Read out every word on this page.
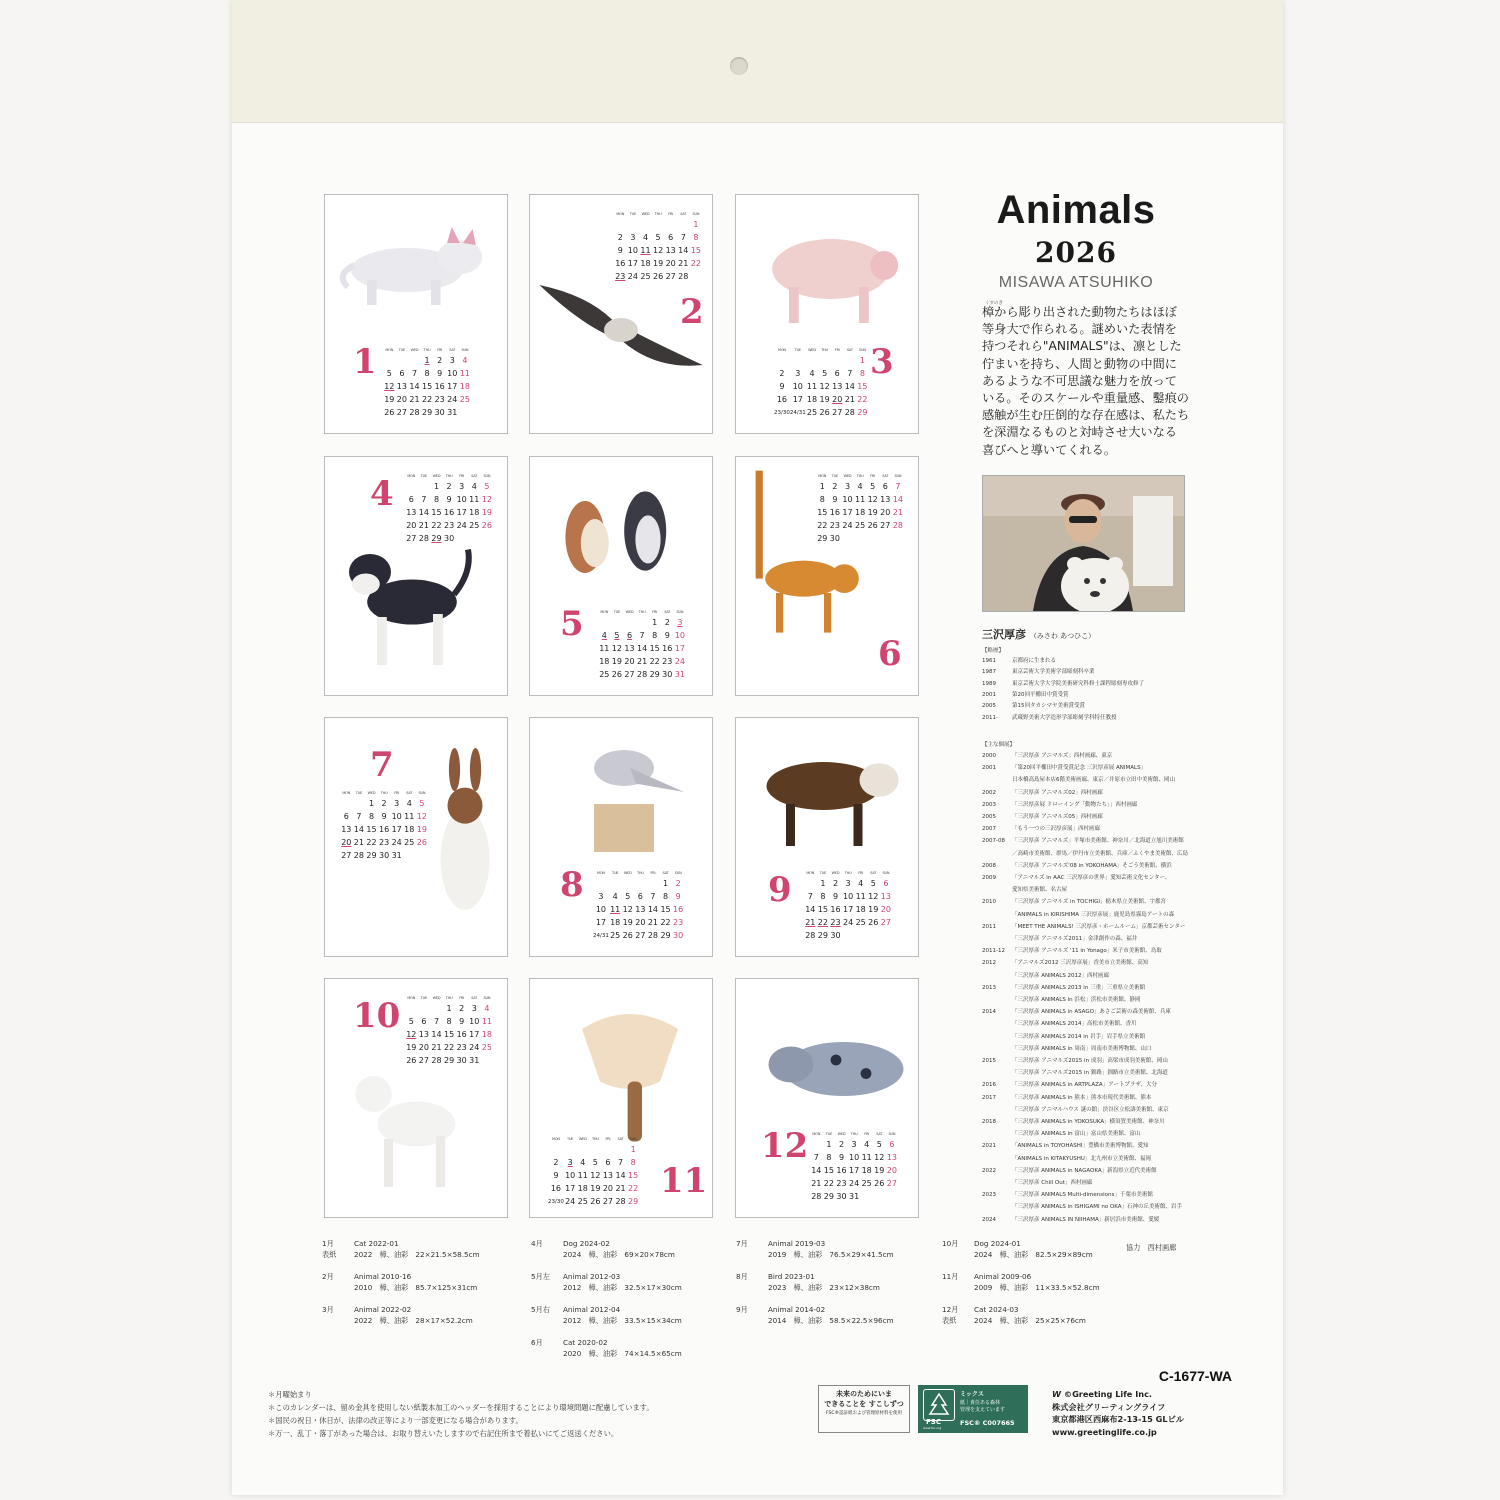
1 MON	TUE	WED	THU	FRI	SAT	SUN
			1	2	3	4
5	6	7	8	9	10	11
12	13	14	15	16	17	18
19	20	21	22	23	24	25
26	27	28	29	30	31	
2
MON	TUE	WED	THU	FRI	SAT	SUN
						1
2	3	4	5	6	7	8
9	10	11	12	13	14	15
16	17	18	19	20	21	22
23	24	25	26	27	28	
3
MON	TUE	WED	THU	FRI	SAT	SUN
						1
2	3	4	5	6	7	8
9	10	11	12	13	14	15
16	17	18	19	20	21	22
23/30	24/31	25	26	27	28	29
4	MON	TUE	WED	THU	FRI	SAT	SUN
		1	2	3	4	5
6	7	8	9	10	11	12
13	14	15	16	17	18	19
20	21	22	23	24	25	26
27	28	29	30			
5	MON	TUE	WED	THU	FRI	SAT	SUN
				1	2	3
4	5	6	7	8	9	10
11	12	13	14	15	16	17
18	19	20	21	22	23	24
25	26	27	28	29	30	31
6
MON	TUE	WED	THU	FRI	SAT	SUN
1	2	3	4	5	6	7
8	9	10	11	12	13	14
15	16	17	18	19	20	21
22	23	24	25	26	27	28
29	30					
7
MON	TUE	WED	THU	FRI	SAT	SUN
		1	2	3	4	5
6	7	8	9	10	11	12
13	14	15	16	17	18	19
20	21	22	23	24	25	26
27	28	29	30	31		
8	MON	TUE	WED	THU	FRI	SAT	SUN
					1	2
3	4	5	6	7	8	9
10	11	12	13	14	15	16
17	18	19	20	21	22	23
24/31	25	26	27	28	29	30
9	MON	TUE	WED	THU	FRI	SAT	SUN
	1	2	3	4	5	6
7	8	9	10	11	12	13
14	15	16	17	18	19	20
21	22	23	24	25	26	27
28	29	30				
10 MON	TUE	WED	THU	FRI	SAT	SUN
			1	2	3	4
5	6	7	8	9	10	11
12	13	14	15	16	17	18
19	20	21	22	23	24	25
26	27	28	29	30	31	
11
MON	TUE	WED	THU	FRI	SAT	SUN
						1
2	3	4	5	6	7	8
9	10	11	12	13	14	15
16	17	18	19	20	21	22
23/30	24	25	26	27	28	29
12 MON	TUE	WED	THU	FRI	SAT	SUN
	1	2	3	4	5	6
7	8	9	10	11	12	13
14	15	16	17	18	19	20
21	22	23	24	25	26	27
28	29	30	31			
Animals
2026
MISAWA ATSUHIKO
樟から彫り出された動物たちはほぼ
等身大で作られる。謎めいた表情を
持つそれら"ANIMALS"は、凛とした
佇まいを持ち、人間と動物の中間に
あるような不可思議な魅力を放って
いる。そのスケールや重量感、鑿痕の
感触が生む圧倒的な存在感は、私たち
を深淵なるものと対峙させ大いなる
喜びへと導いてくれる。
くすのき
三沢厚彦 （みさわ あつひこ）
【略歴】
1961	京都府に生まれる
1987	東京芸術大学美術学部彫刻科卒業
1989	東京芸術大学大学院美術研究科修士課程彫刻専攻修了
2001	第20回平櫛田中賞受賞
2005	第15回タカシマヤ美術賞受賞
2011-	武蔵野美術大学造形学部彫刻学科特任教授
【主な個展】
2000	「三沢厚彦 アニマルズ」西村画廊、東京
2001	「第20回平櫛田中賞受賞記念 三沢厚彦展 ANIMALS」
日本橋高島屋本店6階美術画廊、東京／井原市立田中美術館、岡山
2002	「三沢厚彦 アニマルズ02」西村画廊
2003	「三沢厚彦展 ドローイング「動物たち」」西村画廊
2005	「三沢厚彦 アニマルズ05」西村画廊
2007	「もう一つの三沢厚彦展」西村画廊
2007-08 「三沢厚彦 アニマルズ」平塚市美術館、神奈川／北海道立旭川美術館
／高崎市美術館、群馬／伊丹市立美術館、兵庫／ふくやま美術館、広島
2008	「三沢厚彦 アニマルズ'08 in YOKOHAMA」そごう美術館、横浜
2009	「アニマルズ in AAC 三沢厚彦の世界」愛知芸術文化センター、
愛知県美術館、名古屋
2010	「三沢厚彦 アニマルズ in TOCHIGI」栃木県立美術館、宇都宮
「ANIMALS in KIRISHIMA 三沢厚彦展」鹿児島県霧島アートの森
2011	「MEET THE ANIMALS! 三沢厚彦・ホームルーム」京都芸術センター
「三沢厚彦 アニマルズ2011」金津創作の森、福井
2011-12 「三沢厚彦 アニマルズ '11 in Yonago」米子市美術館、鳥取
2012	「アニマルズ2012 三沢厚彦展」香美市立美術館、高知
「三沢厚彦 ANIMALS 2012」西村画廊
2013	「三沢厚彦 ANIMALS 2013 in 三重」三重県立美術館
「三沢厚彦 ANIMALS in 浜松」浜松市美術館、静岡
2014	「三沢厚彦 ANIMALS in ASAGO」あさご芸術の森美術館、兵庫
「三沢厚彦 ANIMALS 2014」高松市美術館、香川
「三沢厚彦 ANIMALS 2014 in 岩手」岩手県立美術館
「三沢厚彦 ANIMALS in 周南」周南市美術博物館、山口
2015	「三沢厚彦 アニマルズ2015 in 成羽」高梁市成羽美術館、岡山
「三沢厚彦 アニマルズ2015 in 釧路」釧路市立美術館、北海道
2016	「三沢厚彦 ANIMALS in ARTPLAZA」アートプラザ、大分
2017	「三沢厚彦 ANIMALS in 熊本」熊本市現代美術館、熊本
「三沢厚彦 アニマルハウス 謎の館」渋谷区立松濤美術館、東京
2018	「三沢厚彦 ANIMALS in YOKOSUKA」横須賀美術館、神奈川
「三沢厚彦 ANIMALS in 富山」富山県美術館、富山
2021	「ANIMALS in TOYOHASHI」豊橋市美術博物館、愛知
「ANIMALS in KITAKYUSHU」北九州市立美術館、福岡
2022	「三沢厚彦 ANIMALS in NAGAOKA」新潟県立近代美術館
「三沢厚彦 Chill Out」西村画廊
2023	「三沢厚彦 ANIMALS Multi-dimensions」千葉市美術館
「三沢厚彦 ANIMALS in ISHIGAMI no OKA」石神の丘美術館、岩手
2024	「三沢厚彦 ANIMALS IN NIIHAMA」新居浜市美術館、愛媛
1月	Cat 2022-01
表紙 2022　樟、油彩　22×21.5×58.5cm

2月	Animal 2010-16
2010　樟、油彩　85.7×125×31cm

3月	Animal 2022-02
2022　樟、油彩　28×17×52.2cm
4月	Dog 2024-02
2024　樟、油彩　69×20×78cm

5月左 Animal 2012-03
2012　樟、油彩　32.5×17×30cm

5月右 Animal 2012-04
2012　樟、油彩　33.5×15×34cm

6月	Cat 2020-02
2020　樟、油彩　74×14.5×65cm
7月	Animal 2019-03
2019　樟、油彩　76.5×29×41.5cm

8月	Bird 2023-01
2023　樟、油彩　23×12×38cm

9月	Animal 2014-02
2014　樟、油彩　58.5×22.5×96cm
10月 Dog 2024-01
2024　樟、油彩　82.5×29×89cm

11月 Animal 2009-06
2009　樟、油彩　11×33.5×52.8cm

12月 Cat 2024-03
表紙 2024　樟、油彩　25×25×76cm
協力　西村画廊
＊月曜始まり
＊このカレンダーは、留め金具を使用しない紙製本加工のヘッダーを採用することにより環境問題に配慮しています。
＊国民の祝日・休日が、法律の改正等により一部変更になる場合があります。
＊万一、乱丁・落丁があった場合は、お取り替えいたしますので右記住所まで着払いにてご返送ください。
未来のためにいま
できることを すこしずつ
FSC®認証紙および管理原材料を使用
FSC
www.fsc.org
ミックス
紙｜責任ある森林
管理を支えています
FSC® C007665
C-1677-WA
W ©Greeting Life Inc.
株式会社グリーティングライフ
東京都港区西麻布2-13-15 GLビル
www.greetinglife.co.jp
